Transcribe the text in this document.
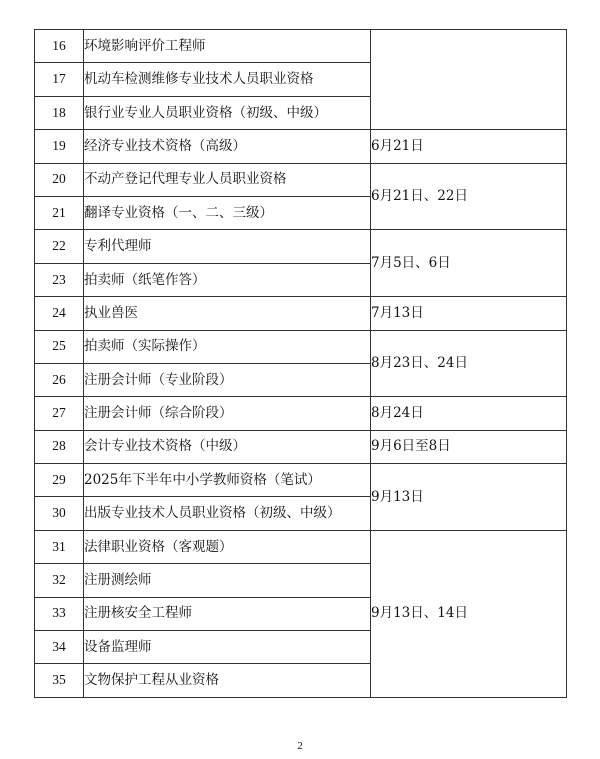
16	环境影响评价工程师	
17	机动车检测维修专业技术人员职业资格	
18	银行业专业人员职业资格（初级、中级）	
19	经济专业技术资格（高级）	6月21日
20	不动产登记代理专业人员职业资格	6月21日、22日
21	翻译专业资格（一、二、三级）	
22	专利代理师	7月5日、6日
23	拍卖师（纸笔作答）	
24	执业兽医	7月13日
25	拍卖师（实际操作）	8月23日、24日
26	注册会计师（专业阶段）	
27	注册会计师（综合阶段）	8月24日
28	会计专业技术资格（中级）	9月6日至8日
29	2025年下半年中小学教师资格（笔试）	9月13日
30	出版专业技术人员职业资格（初级、中级）	
31	法律职业资格（客观题）	9月13日、14日
32	注册测绘师	
33	注册核安全工程师	
34	设备监理师	
35	文物保护工程从业资格	
2
